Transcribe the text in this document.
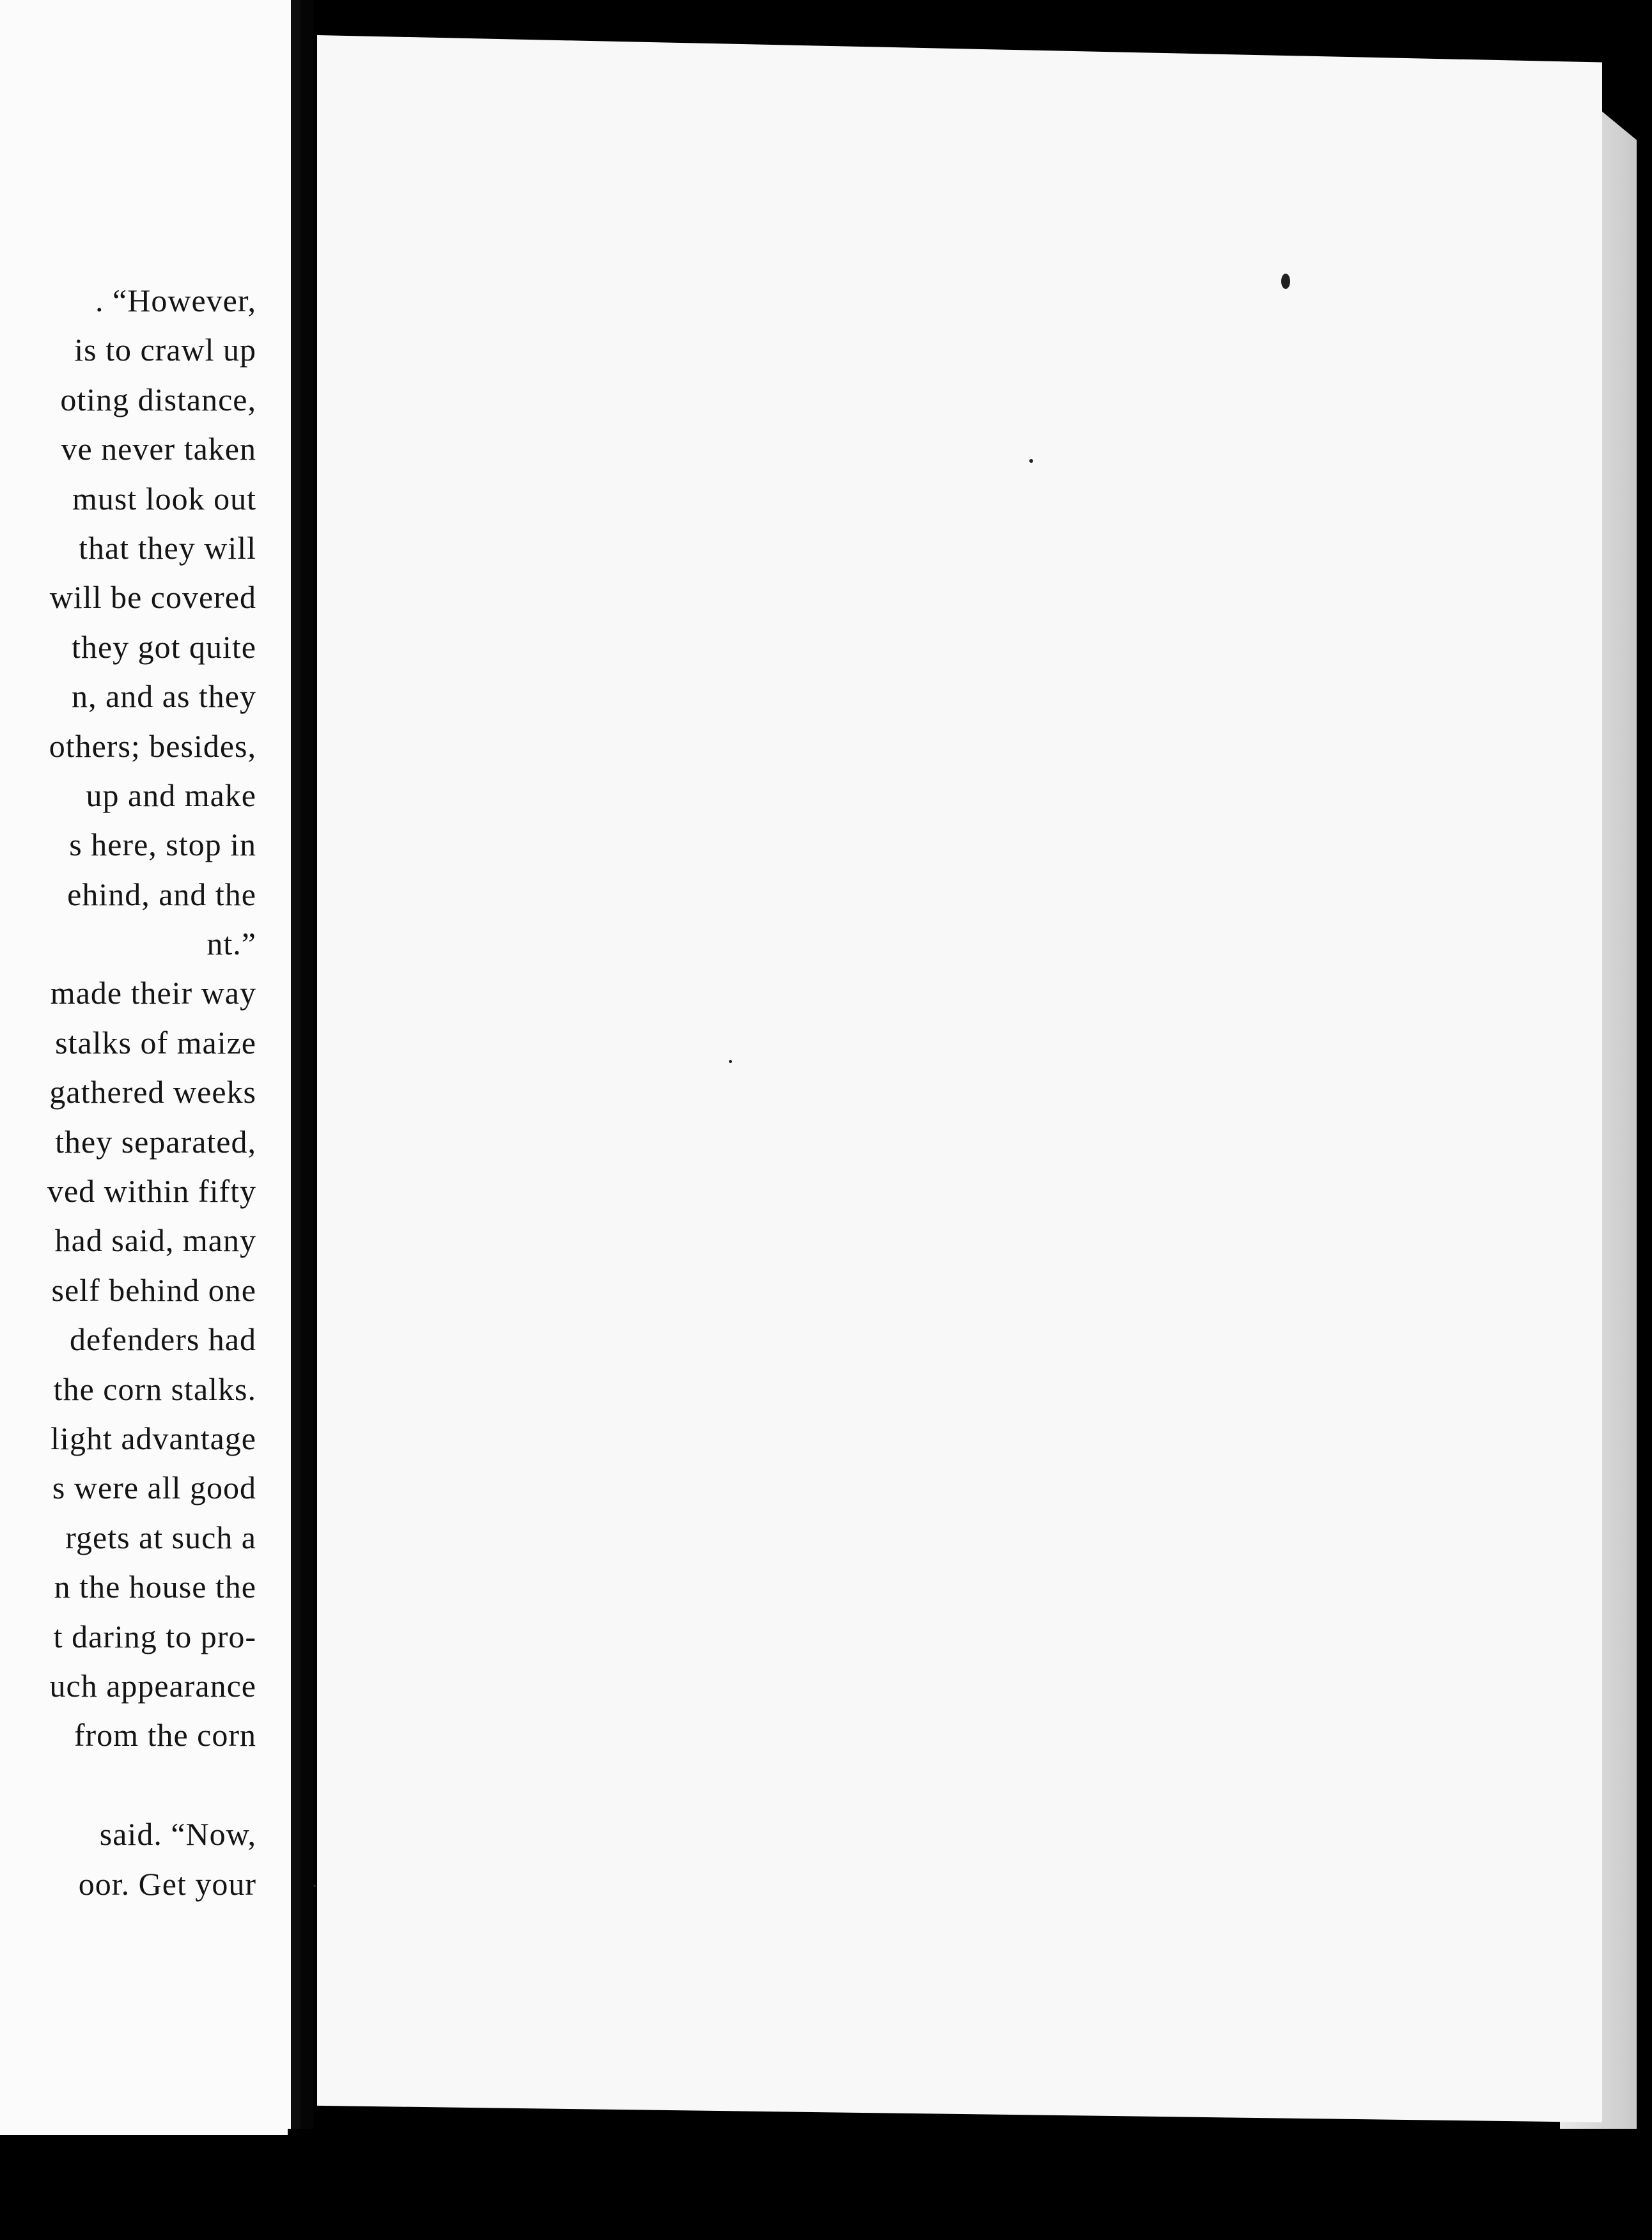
. “However,
is to crawl up
oting distance,
ve never taken
must look out
that they will
will be covered
they got quite
n, and as they
others; besides,
up and make
s here, stop in
ehind, and the
nt.”
made their way
stalks of maize
gathered weeks
they separated,
ved within fifty
had said, many
self behind one
defenders had
the corn stalks.
light advantage
s were all good
rgets at such a
n the house the
t daring to pro-
uch appearance
from the corn
said. “Now,
oor. Get your
